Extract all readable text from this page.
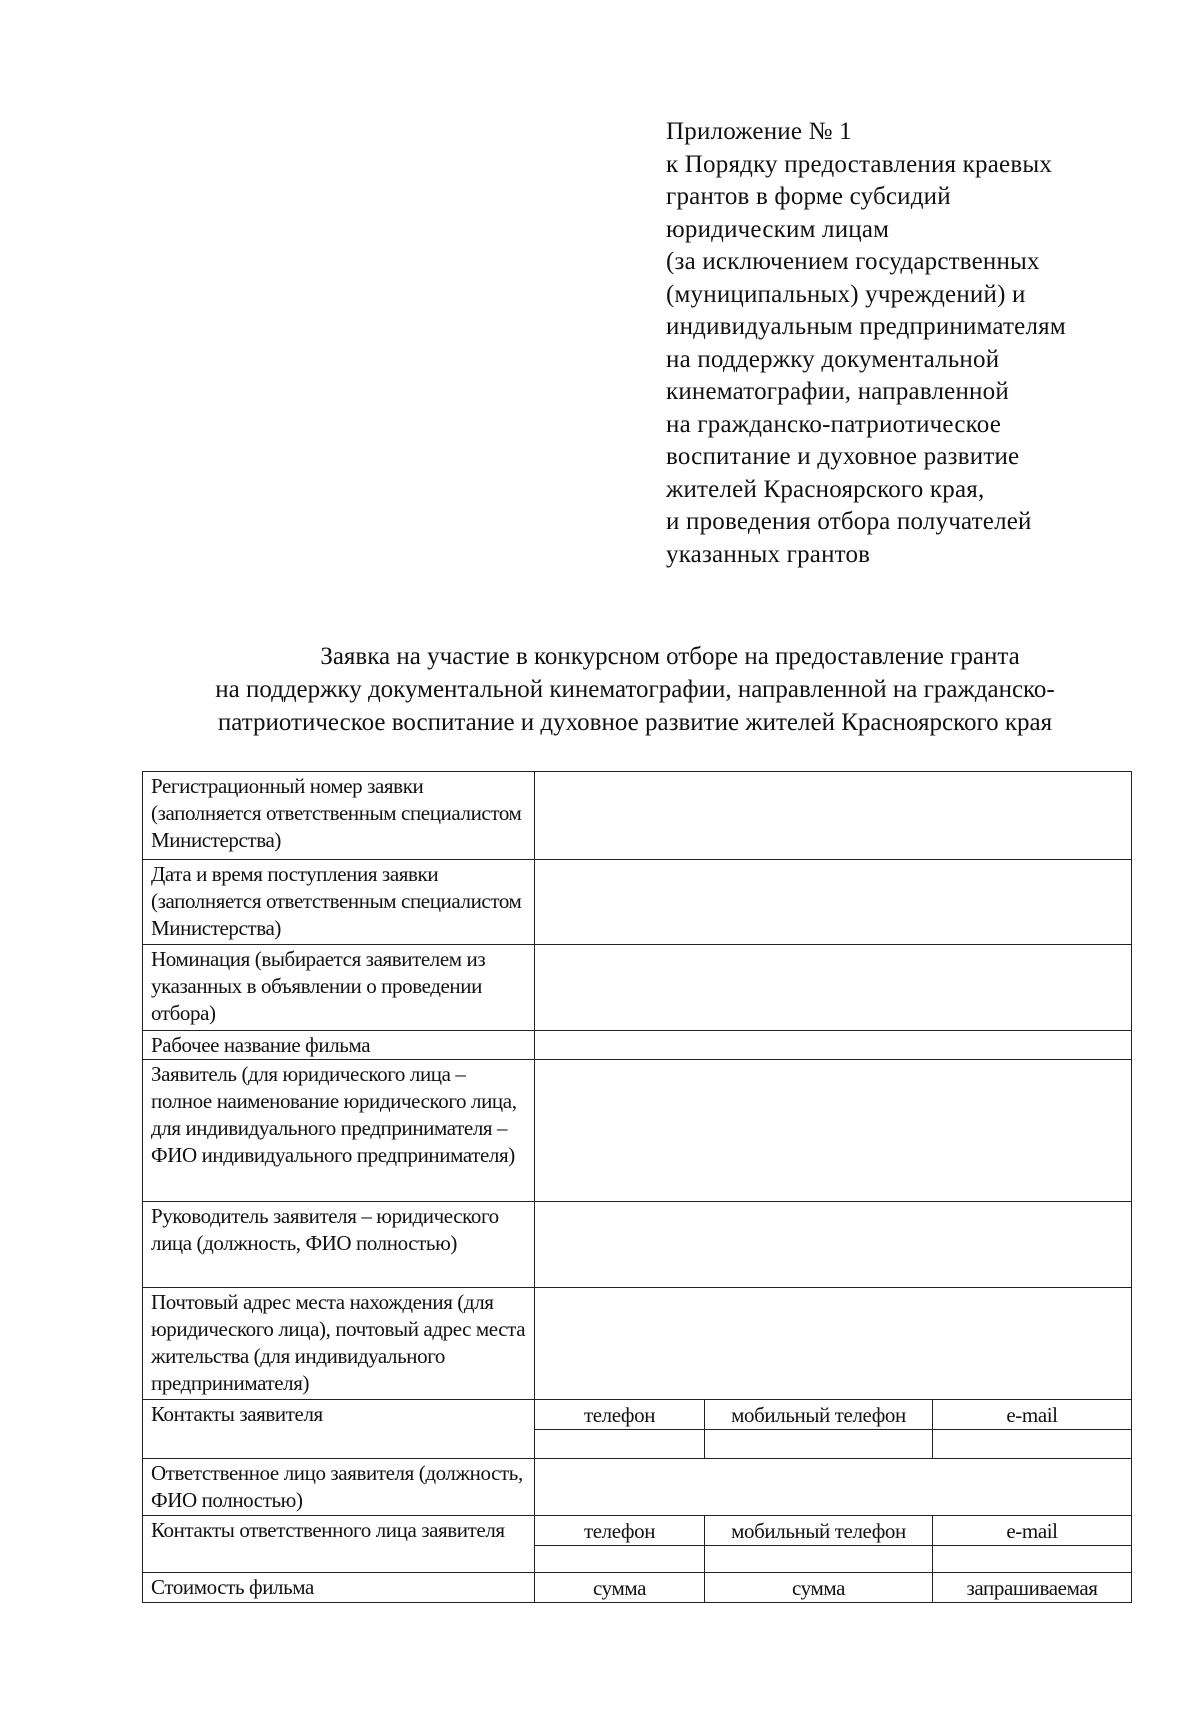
Приложение № 1
к Порядку предоставления краевых
грантов в форме субсидий
юридическим лицам
(за исключением государственных
(муниципальных) учреждений) и
индивидуальным предпринимателям
на поддержку документальной
кинематографии, направленной
на гражданско-патриотическое
воспитание и духовное развитие
жителей Красноярского края,
и проведения отбора получателей
указанных грантов
Заявка на участие в конкурсном отборе на предоставление гранта
на поддержку документальной кинематографии, направленной на гражданско-
патриотическое воспитание и духовное развитие жителей Красноярского края
Регистрационный номер заявки (заполняется ответственным специалистом Министерства)			
Дата и время поступления заявки (заполняется ответственным специалистом Министерства)			
Номинация (выбирается заявителем из указанных в объявлении о проведении отбора)			
Рабочее название фильма			
Заявитель (для юридического лица – полное наименование юридического лица, для индивидуального предпринимателя – ФИО индивидуального предпринимателя)			
Руководитель заявителя – юридического лица (должность, ФИО полностью)			
Почтовый адрес места нахождения (для юридического лица), почтовый адрес места жительства (для индивидуального предпринимателя)			
Контакты заявителя	телефон	мобильный телефон	e-mail

Ответственное лицо заявителя (должность, ФИО полностью)			
Контакты ответственного лица заявителя	телефон	мобильный телефон	e-mail

Стоимость фильма	сумма	сумма	запрашиваемая
